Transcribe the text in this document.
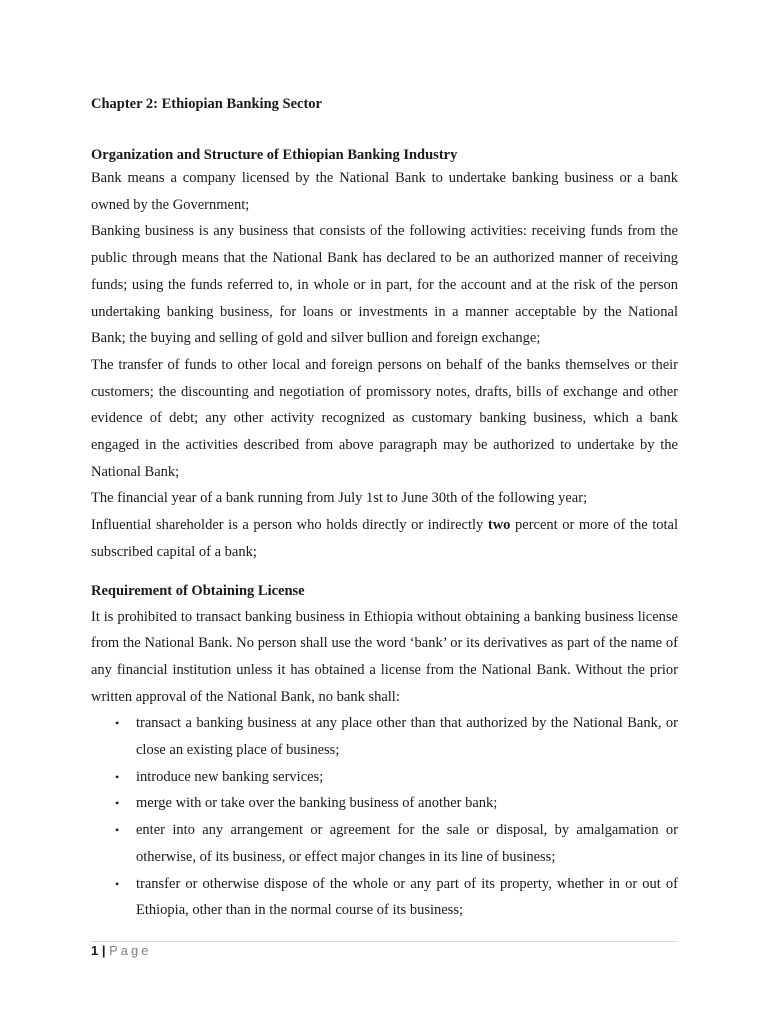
Chapter 2: Ethiopian Banking Sector
Organization and Structure of Ethiopian Banking Industry

Bank means a company licensed by the National Bank to undertake banking business or a bank owned by the Government;

Banking business is any business that consists of the following activities: receiving funds from the public through means that the National Bank has declared to be an authorized manner of receiving funds; using the funds referred to, in whole or in part, for the account and at the risk of the person undertaking banking business, for loans or investments in a manner acceptable by the National Bank; the buying and selling of gold and silver bullion and foreign exchange;

The transfer of funds to other local and foreign persons on behalf of the banks themselves or their customers; the discounting and negotiation of promissory notes, drafts, bills of exchange and other evidence of debt; any other activity recognized as customary banking business, which a bank engaged in the activities described from above paragraph may be authorized to undertake by the National Bank;

The financial year of a bank running from July 1st to June 30th of the following year;

Influential shareholder is a person who holds directly or indirectly two percent or more of the total subscribed capital of a bank;

Requirement of Obtaining License

It is prohibited to transact banking business in Ethiopia without obtaining a banking business license from the National Bank. No person shall use the word ‘bank’ or its derivatives as part of the name of any financial institution unless it has obtained a license from the National Bank. Without the prior written approval of the National Bank, no bank shall:

• transact a banking business at any place other than that authorized by the National Bank, or close an existing place of business;
• introduce new banking services;
• merge with or take over the banking business of another bank;
• enter into any arrangement or agreement for the sale or disposal, by amalgamation or otherwise, of its business, or effect major changes in its line of business;
• transfer or otherwise dispose of the whole or any part of its property, whether in or out of Ethiopia, other than in the normal course of its business;
1 | Page
